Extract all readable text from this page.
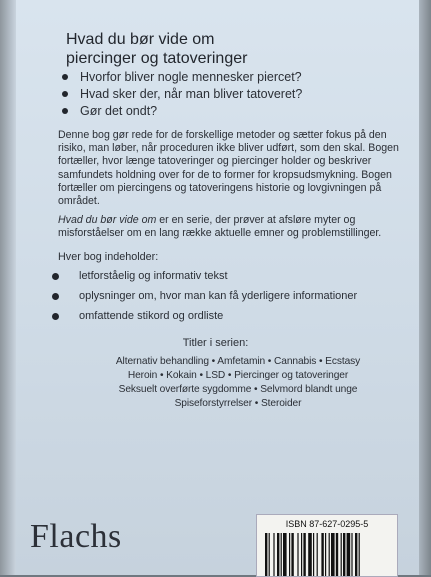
Hvad du bør vide om
piercinger og tatoveringer
Hvorfor bliver nogle mennesker piercet?
Hvad sker der, når man bliver tatoveret?
Gør det ondt?
Denne bog gør rede for de forskellige metoder og sætter fokus på den
risiko, man løber, når proceduren ikke bliver udført, som den skal. Bogen
fortæller, hvor længe tatoveringer og piercinger holder og beskriver
samfundets holdning over for de to former for kropsudsmykning. Bogen
fortæller om piercingens og tatoveringens historie og lovgivningen på
området.
Hvad du bør vide om er en serie, der prøver at afsløre myter og
misforståelser om en lang række aktuelle emner og problemstillinger.
Hver bog indeholder:
letforståelig og informativ tekst
oplysninger om, hvor man kan få yderligere informationer
omfattende stikord og ordliste
Titler i serien:
Alternativ behandling • Amfetamin • Cannabis • Ecstasy
Heroin • Kokain • LSD • Piercinger og tatoveringer
Seksuelt overførte sygdomme • Selvmord blandt unge
Spiseforstyrrelser • Steroider
Flachs	ISBN 87-627-0295-5
